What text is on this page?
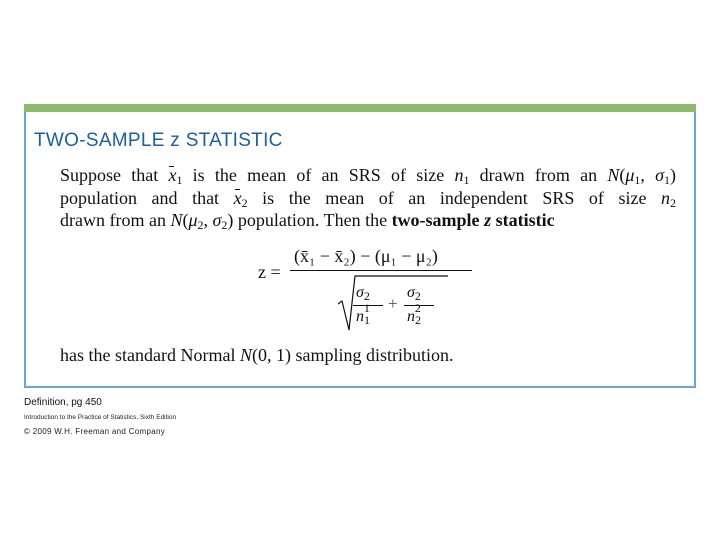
TWO-SAMPLE z STATISTIC

Suppose that $x_1$ is the mean of an SRS of size $n_1$ drawn from an $N(\mu_1$, $\sigma_1$)

population and that $x_2$ is the mean of an independent SRS of size $n_2$

drawn from an $N(\mu_2$, $\sigma_2$) population. Then the two-sample z statistic

z =
(x̄₁ − x̄₂) − (μ₁ − μ₂)
σ 2
1
$n_1$
+
σ 2
2
$n_2$

has the standard Normal N(0, 1) sampling distribution.

Definition, pg 450

Introduction to the Practice of Statistics, Sixth Edition

© 2009 W.H. Freeman and Company
